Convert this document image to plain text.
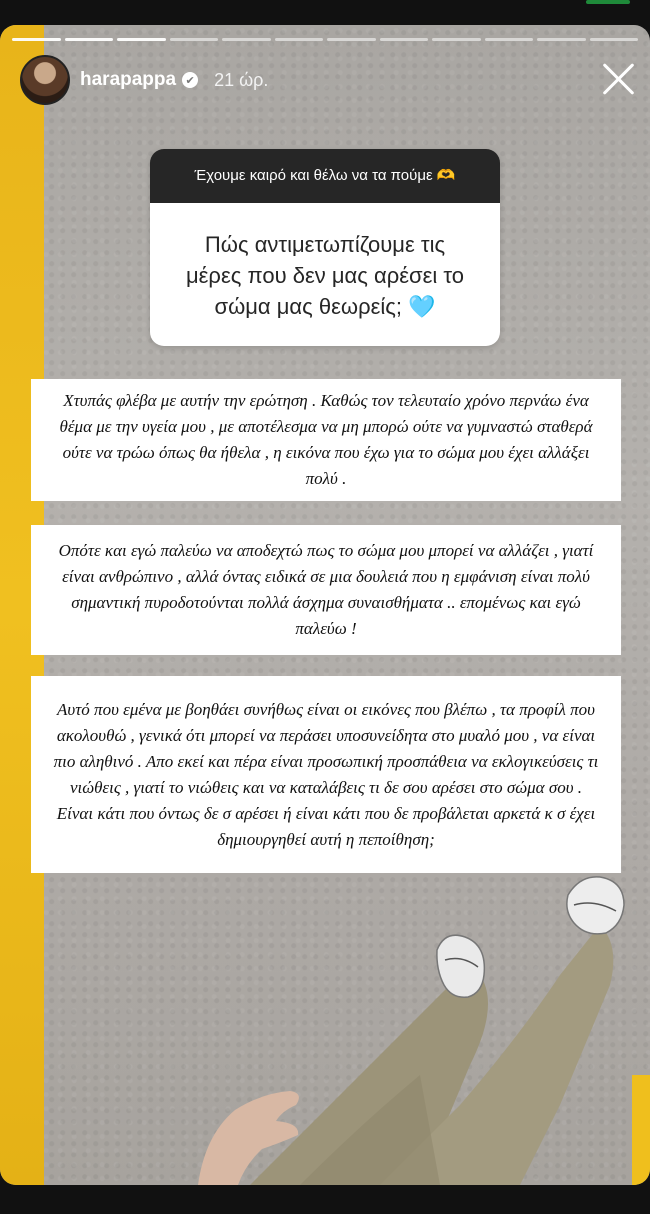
harapappa ✔ 21 ώρ.
Έχουμε καιρό και θέλω να τα πούμε 🫶
Πώς αντιμετωπίζουμε τις μέρες που δεν μας αρέσει το σώμα μας θεωρείς; 🩵
Χτυπάς φλέβα με αυτήν την ερώτηση . Καθώς τον τελευταίο χρόνο περνάω ένα θέμα με την υγεία μου , με αποτέλεσμα να μη μπορώ ούτε να γυμναστώ σταθερά ούτε να τρώω όπως θα ήθελα , η εικόνα που έχω για το σώμα μου έχει αλλάξει πολύ .
Οπότε και εγώ παλεύω να αποδεχτώ πως το σώμα μου μπορεί να αλλάζει , γιατί είναι ανθρώπινο , αλλά όντας ειδικά σε μια δουλειά που η εμφάνιση είναι πολύ σημαντική πυροδοτούνται πολλά άσχημα συναισθήματα .. επομένως και εγώ παλεύω !
Αυτό που εμένα με βοηθάει συνήθως είναι οι εικόνες που βλέπω , τα προφίλ που ακολουθώ , γενικά ότι μπορεί να περάσει υποσυνείδητα στο μυαλό μου , να είναι πιο αληθινό . Απο εκεί και πέρα είναι προσωπική προσπάθεια να εκλογικεύσεις τι νιώθεις , γιατί το νιώθεις και να καταλάβεις τι δε σου αρέσει στο σώμα σου . Είναι κάτι που όντως δε σ αρέσει ή είναι κάτι που δε προβάλεται αρκετά κ σ έχει δημιουργηθεί αυτή η πεποίθηση;
